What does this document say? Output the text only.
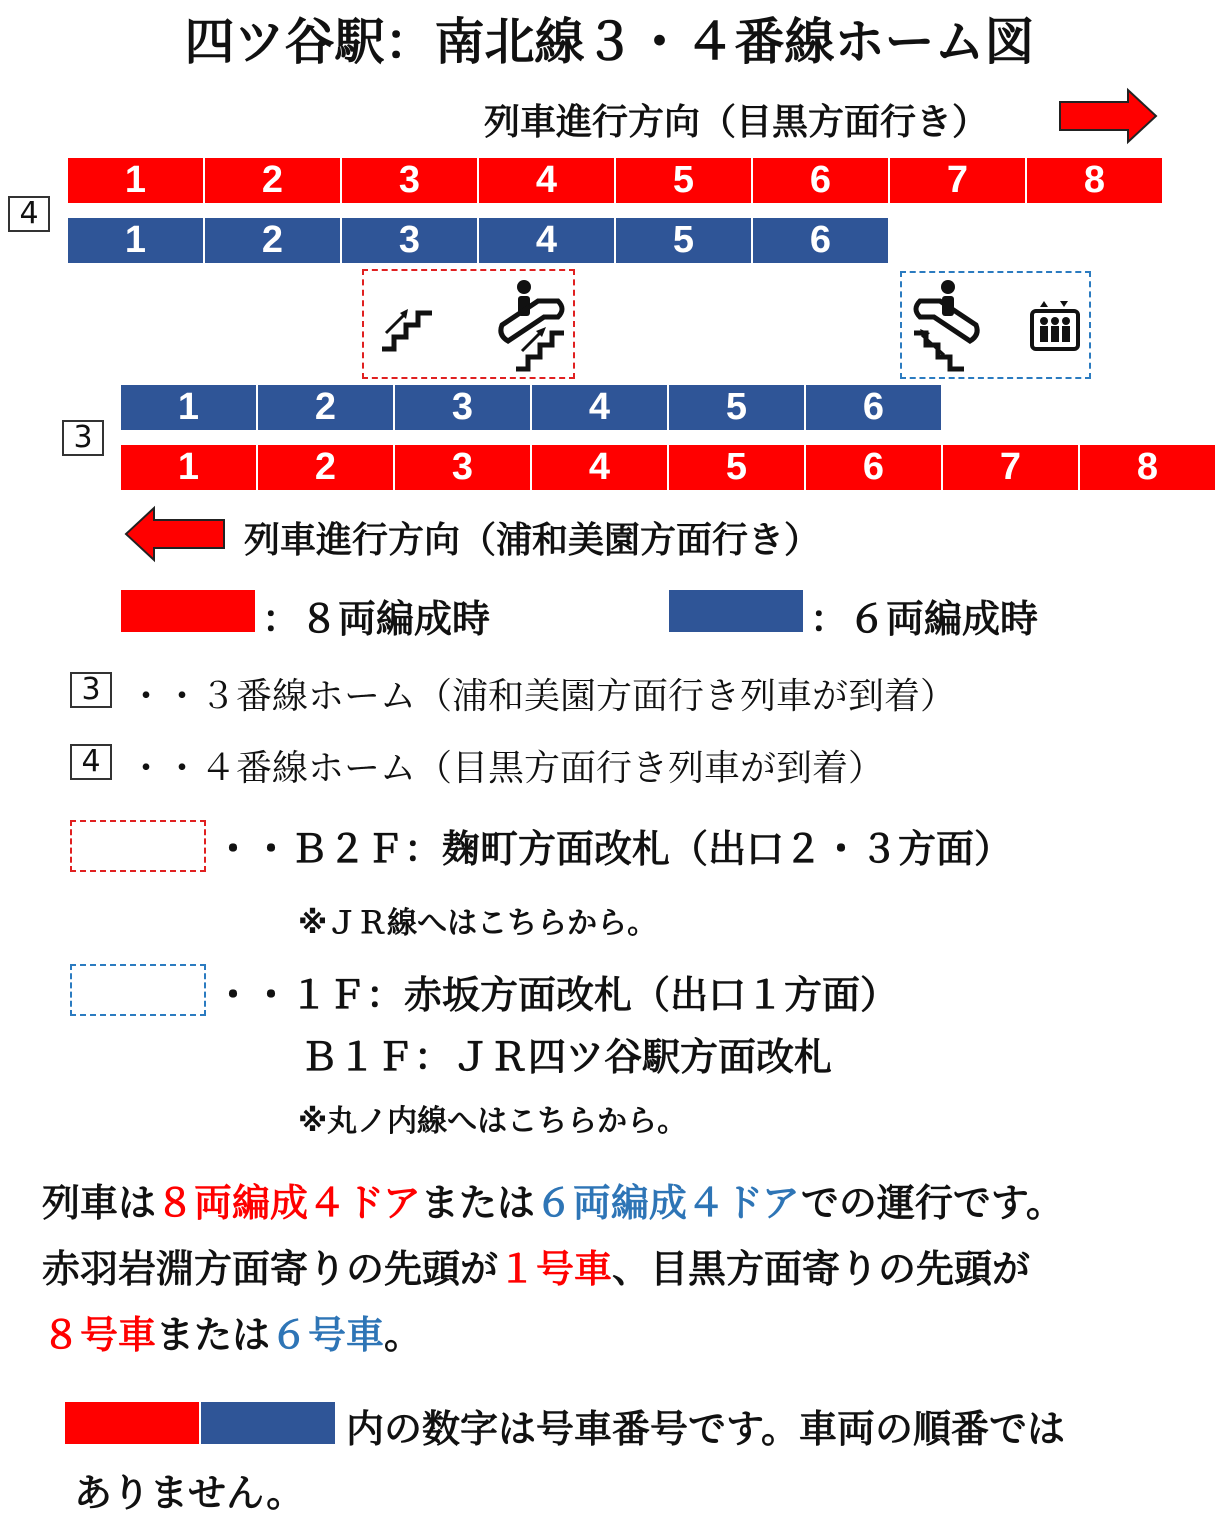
四ツ谷駅：南北線３・４番線ホーム図
列車進行方向（目黒方面行き）
4
1	2	3	4	5	6	7	8
1	2	3	4	5	6
3
1	2	3	4	5	6
1	2	3	4	5	6	7	8
列車進行方向（浦和美園方面行き）
：８両編成時	：６両編成時
3 ・・３番線ホーム（浦和美園方面行き列車が到着）
4 ・・４番線ホーム（目黒方面行き列車が到着）
・・Ｂ２Ｆ：麹町方面改札（出口２・３方面）
※ＪＲ線へはこちらから。
・・１Ｆ：赤坂方面改札（出口１方面）
Ｂ１Ｆ：ＪＲ四ツ谷駅方面改札
※丸ノ内線へはこちらから。
列車は８両編成４ドアまたは６両編成４ドアでの運行です。
赤羽岩淵方面寄りの先頭が１号車、目黒方面寄りの先頭が
８号車または６号車。
内の数字は号車番号です。車両の順番では
ありません。
